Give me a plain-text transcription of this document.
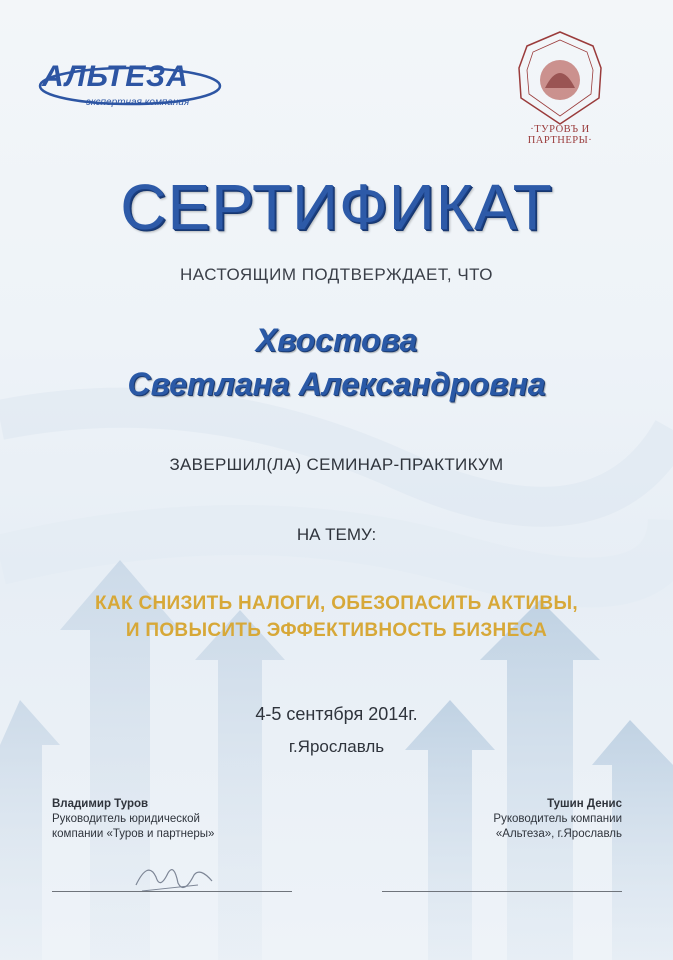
АЛЬТЕЗА
экспертная компания
·ТУРОВЪ И ПАРТНЕРЫ·
СЕРТИФИКАТ
НАСТОЯЩИМ ПОДТВЕРЖДАЕТ, ЧТО
Хвостова
Светлана Александровна
ЗАВЕРШИЛ(ЛА) СЕМИНАР-ПРАКТИКУМ
НА ТЕМУ:
КАК СНИЗИТЬ НАЛОГИ, ОБЕЗОПАСИТЬ АКТИВЫ,
И ПОВЫСИТЬ ЭФФЕКТИВНОСТЬ БИЗНЕСА
4-5 сентября 2014г.
г.Ярославль
Владимир Туров
Руководитель юридической
компании «Туров и партнеры»
Тушин Денис
Руководитель компании
«Альтеза», г.Ярославль
